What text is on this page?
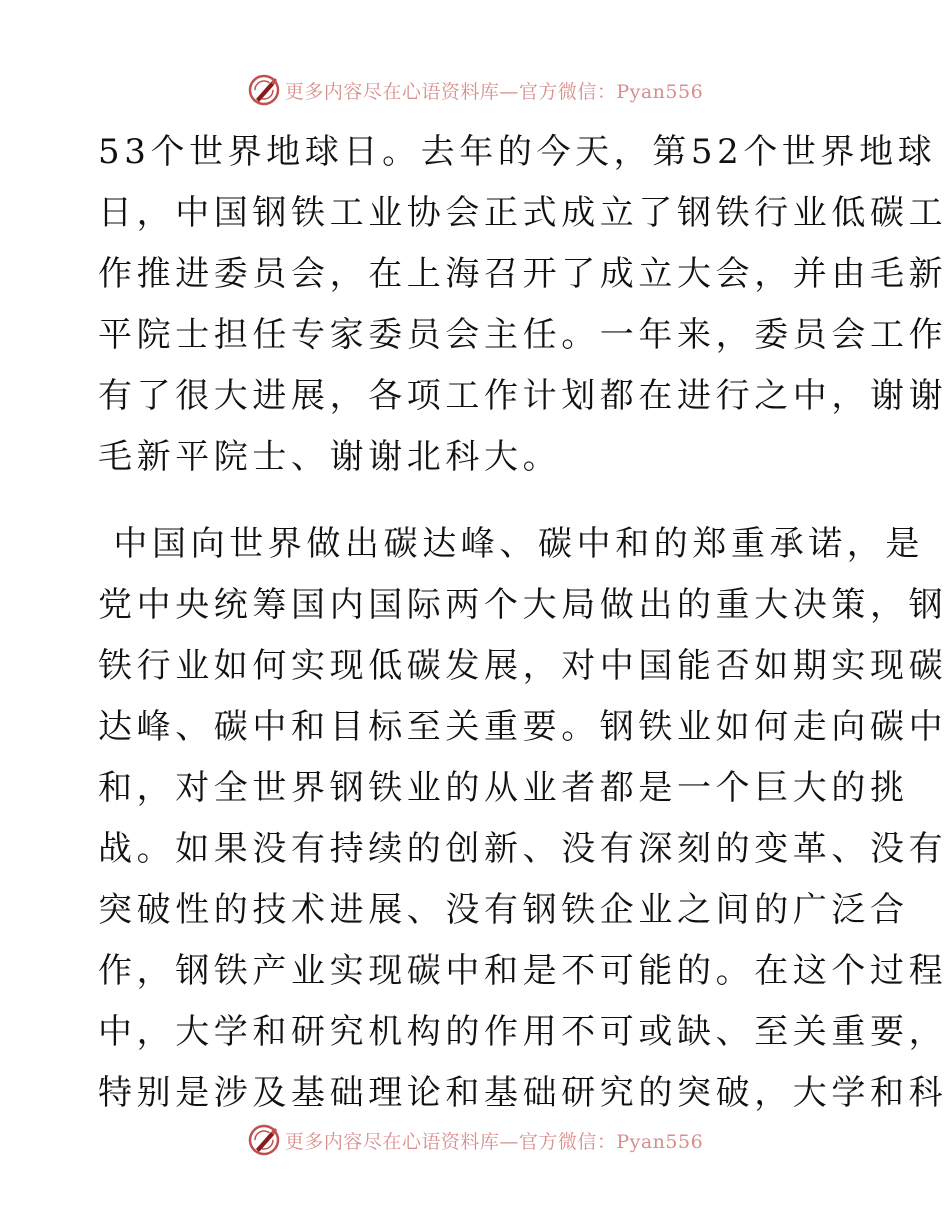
更多内容尽在心语资料库—官方微信：Pyan556
53个世界地球日。去年的今天，第52个世界地球
日，中国钢铁工业协会正式成立了钢铁行业低碳工
作推进委员会，在上海召开了成立大会，并由毛新
平院士担任专家委员会主任。一年来，委员会工作
有了很大进展，各项工作计划都在进行之中，谢谢
毛新平院士、谢谢北科大。
中国向世界做出碳达峰、碳中和的郑重承诺，是
党中央统筹国内国际两个大局做出的重大决策，钢
铁行业如何实现低碳发展，对中国能否如期实现碳
达峰、碳中和目标至关重要。钢铁业如何走向碳中
和，对全世界钢铁业的从业者都是一个巨大的挑
战。如果没有持续的创新、没有深刻的变革、没有
突破性的技术进展、没有钢铁企业之间的广泛合
作，钢铁产业实现碳中和是不可能的。在这个过程
中，大学和研究机构的作用不可或缺、至关重要，
特别是涉及基础理论和基础研究的突破，大学和科
更多内容尽在心语资料库—官方微信：Pyan556
